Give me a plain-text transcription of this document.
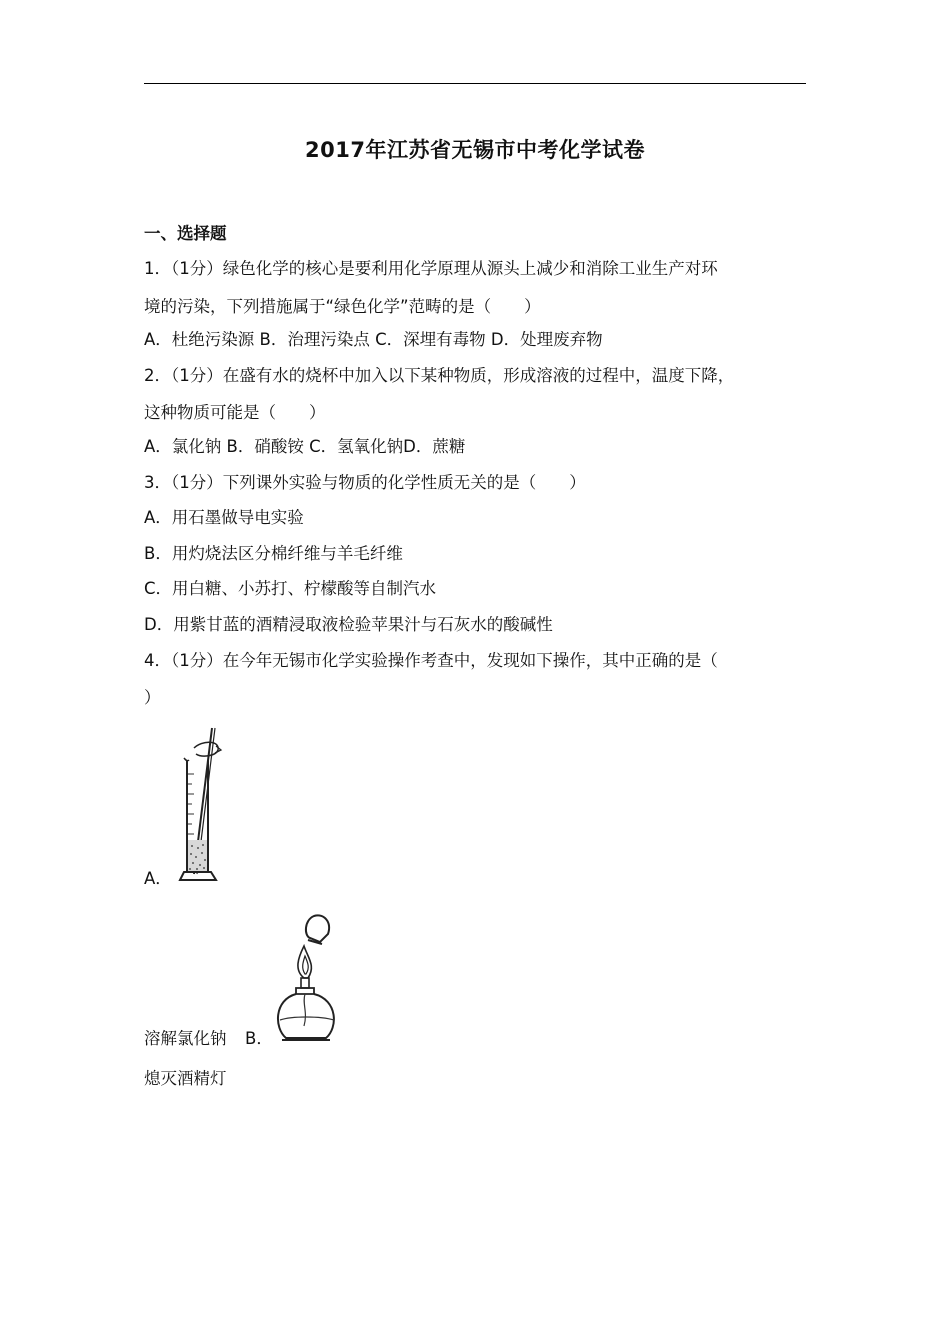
2017年江苏省无锡市中考化学试卷
一、选择题
1．（1分）绿色化学的核心是要利用化学原理从源头上减少和消除工业生产对环
境的污染，下列措施属于“绿色化学”范畴的是（　　）
A．杜绝污染源 B．治理污染点 C．深埋有毒物 D．处理废弃物
2．（1分）在盛有水的烧杯中加入以下某种物质，形成溶液的过程中，温度下降，
这种物质可能是（　　）
A．氯化钠 B．硝酸铵 C．氢氧化钠D．蔗糖
3．（1分）下列课外实验与物质的化学性质无关的是（　　）
A．用石墨做导电实验
B．用灼烧法区分棉纤维与羊毛纤维
C．用白糖、小苏打、柠檬酸等自制汽水
D．用紫甘蓝的酒精浸取液检验苹果汁与石灰水的酸碱性
4．（1分）在今年无锡市化学实验操作考查中，发现如下操作，其中正确的是（
）
A．
溶解氯化钠 B．
熄灭酒精灯
